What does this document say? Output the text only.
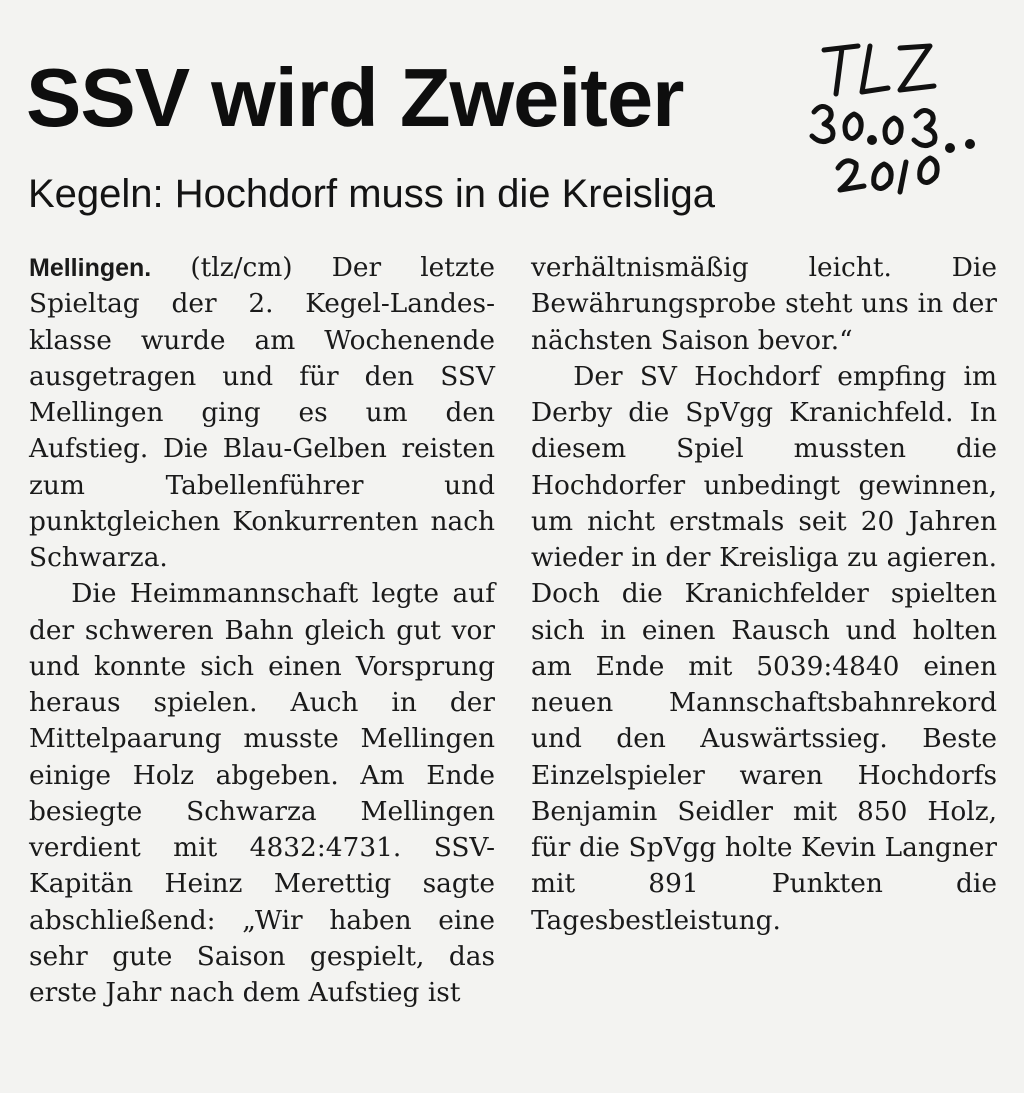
SSV wird Zweiter
Kegeln: Hochdorf muss in die Kreisliga

Mellingen. (tlz/cm) Der letzte Spieltag der 2. Kegel-Landesklasse wurde am Wochenende ausgetragen und für den SSV Mellingen ging es um den Aufstieg. Die Blau-Gelben reisten zum Tabellenführer und punktgleichen Konkurrenten nach Schwarza.

Die Heimmannschaft legte auf der schweren Bahn gleich gut vor und konnte sich einen Vorsprung heraus spielen. Auch in der Mittelpaarung musste Mellingen einige Holz abgeben. Am Ende besiegte Schwarza Mellingen verdient mit 4832:4731. SSV-Kapitän Heinz Merettig sagte abschließend: „Wir haben eine sehr gute Saison gespielt, das erste Jahr nach dem Aufstieg ist

verhältnismäßig leicht. Die Bewährungsprobe steht uns in der nächsten Saison bevor.“

Der SV Hochdorf empfing im Derby die SpVgg Kranichfeld. In diesem Spiel mussten die Hochdorfer unbedingt gewinnen, um nicht erstmals seit 20 Jahren wieder in der Kreisliga zu agieren. Doch die Kranichfelder spielten sich in einen Rausch und holten am Ende mit 5039:4840 einen neuen Mannschaftsbahnrekord und den Auswärtssieg. Beste Einzelspieler waren Hochdorfs Benjamin Seidler mit 850 Holz, für die SpVgg holte Kevin Langner mit 891 Punkten die Tagesbestleistung.
